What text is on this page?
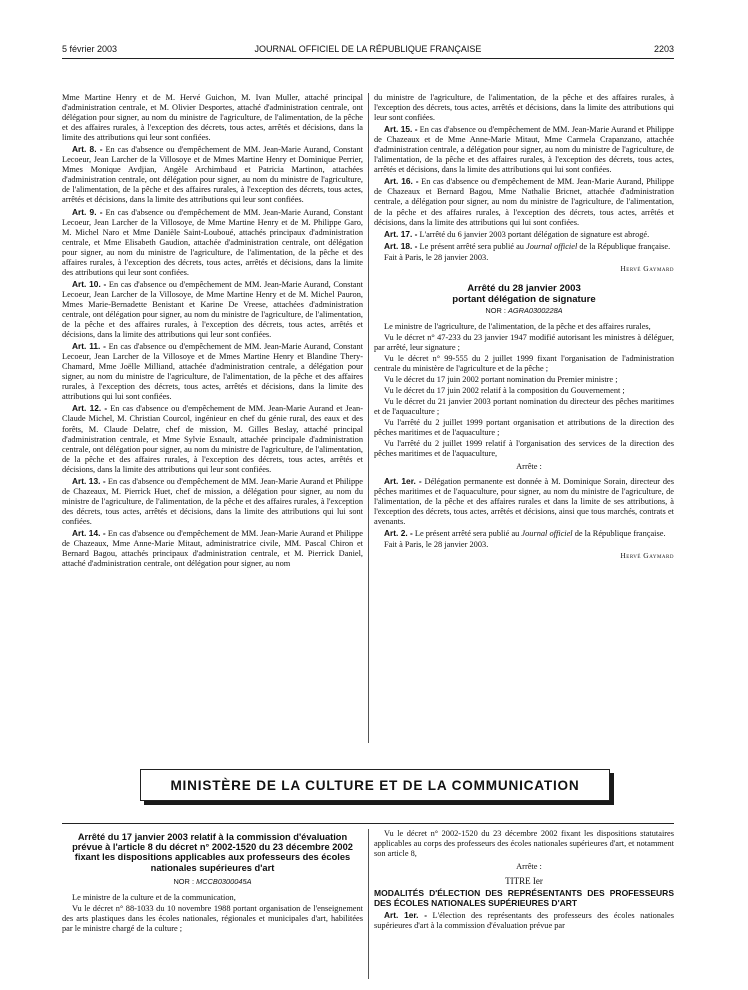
5 février 2003	JOURNAL OFFICIEL DE LA RÉPUBLIQUE FRANÇAISE	2203

Mme Martine Henry et de M. Hervé Guichon, M. Ivan Muller, attaché principal d'administration centrale, et M. Olivier Desportes, attaché d'administration centrale, ont délégation pour signer, au nom du ministre de l'agriculture, de l'alimentation, de la pêche et des affaires rurales, à l'exception des décrets, tous actes, arrêtés et décisions, dans la limite des attributions qui leur sont confiées.

Art. 8. - En cas d'absence ou d'empêchement de MM. Jean-Marie Aurand, Constant Lecoeur, Jean Larcher de la Villosoye et de Mmes Martine Henry et Dominique Perrier, Mmes Monique Avdjian, Angèle Archimbaud et Patricia Martinon, attachées d'administration centrale, ont délégation pour signer, au nom du ministre de l'agriculture, de l'alimentation, de la pêche et des affaires rurales, à l'exception des décrets, tous actes, arrêtés et décisions, dans la limite des attributions qui leur sont confiées.

Art. 9. - En cas d'absence ou d'empêchement de MM. Jean-Marie Aurand, Constant Lecoeur, Jean Larcher de la Villosoye, de Mme Martine Henry et de M. Philippe Garo, M. Michel Naro et Mme Danièle Saint-Louboué, attachés principaux d'administration centrale, et Mme Elisabeth Gaudion, attachée d'administration centrale, ont délégation pour signer, au nom du ministre de l'agriculture, de l'alimentation, de la pêche et des affaires rurales, à l'exception des décrets, tous actes, arrêtés et décisions, dans la limite des attributions qui leur sont confiées.

Art. 10. - En cas d'absence ou d'empêchement de MM. Jean-Marie Aurand, Constant Lecoeur, Jean Larcher de la Villosoye, de Mme Martine Henry et de M. Michel Pauron, Mmes Marie-Bernadette Benistant et Karine De Vreese, attachées d'administration centrale, ont délégation pour signer, au nom du ministre de l'agriculture, de l'alimentation, de la pêche et des affaires rurales, à l'exception des décrets, tous actes, arrêtés et décisions, dans la limite des attributions qui leur sont confiées.

Art. 11. - En cas d'absence ou d'empêchement de MM. Jean-Marie Aurand, Constant Lecoeur, Jean Larcher de la Villosoye et de Mmes Martine Henry et Blandine Thery-Chamard, Mme Joëlle Milliand, attachée d'administration centrale, a délégation pour signer, au nom du ministre de l'agriculture, de l'alimentation, de la pêche et des affaires rurales, à l'exception des décrets, tous actes, arrêtés et décisions, dans la limite des attributions qui lui sont confiées.

Art. 12. - En cas d'absence ou d'empêchement de MM. Jean-Marie Aurand et Jean-Claude Michel, M. Christian Courcol, ingénieur en chef du génie rural, des eaux et des forêts, M. Claude Delatre, chef de mission, M. Gilles Beslay, attaché principal d'administration centrale, et Mme Sylvie Esnault, attachée principale d'administration centrale, ont délégation pour signer, au nom du ministre de l'agriculture, de l'alimentation, de la pêche et des affaires rurales, à l'exception des décrets, tous actes, arrêtés et décisions, dans la limite des attributions qui leur sont confiées.

Art. 13. - En cas d'absence ou d'empêchement de MM. Jean-Marie Aurand et Philippe de Chazeaux, M. Pierrick Huet, chef de mission, a délégation pour signer, au nom du ministre de l'agriculture, de l'alimentation, de la pêche et des affaires rurales, à l'exception des décrets, tous actes, arrêtés et décisions, dans la limite des attributions qui lui sont confiées.

Art. 14. - En cas d'absence ou d'empêchement de MM. Jean-Marie Aurand et Philippe de Chazeaux, Mme Anne-Marie Mitaut, administratrice civile, MM. Pascal Chiron et Bernard Bagou, attachés principaux d'administration centrale, et M. Pierrick Daniel, attaché d'administration centrale, ont délégation pour signer, au nom

du ministre de l'agriculture, de l'alimentation, de la pêche et des affaires rurales, à l'exception des décrets, tous actes, arrêtés et décisions, dans la limite des attributions qui leur sont confiées.

Art. 15. - En cas d'absence ou d'empêchement de MM. Jean-Marie Aurand et Philippe de Chazeaux et de Mme Anne-Marie Mitaut, Mme Carmela Crapanzano, attachée d'administration centrale, a délégation pour signer, au nom du ministre de l'agriculture, de l'alimentation, de la pêche et des affaires rurales, à l'exception des décrets, tous actes, arrêtés et décisions, dans la limite des attributions qui lui sont confiées.

Art. 16. - En cas d'absence ou d'empêchement de MM. Jean-Marie Aurand, Philippe de Chazeaux et Bernard Bagou, Mme Nathalie Bricnet, attachée d'administration centrale, a délégation pour signer, au nom du ministre de l'agriculture, de l'alimentation, de la pêche et des affaires rurales, à l'exception des décrets, tous actes, arrêtés et décisions, dans la limite des attributions qui lui sont confiées.

Art. 17. - L'arrêté du 6 janvier 2003 portant délégation de signature est abrogé.

Art. 18. - Le présent arrêté sera publié au Journal officiel de la République française.

Fait à Paris, le 28 janvier 2003.

Hervé Gaymard

Arrêté du 28 janvier 2003
portant délégation de signature
NOR : AGRA0300228A

Le ministre de l'agriculture, de l'alimentation, de la pêche et des affaires rurales,

Vu le décret n° 47-233 du 23 janvier 1947 modifié autorisant les ministres à déléguer, par arrêté, leur signature ;

Vu le décret n° 99-555 du 2 juillet 1999 fixant l'organisation de l'administration centrale du ministère de l'agriculture et de la pêche ;

Vu le décret du 17 juin 2002 portant nomination du Premier ministre ;

Vu le décret du 17 juin 2002 relatif à la composition du Gouvernement ;

Vu le décret du 21 janvier 2003 portant nomination du directeur des pêches maritimes et de l'aquaculture ;

Vu l'arrêté du 2 juillet 1999 portant organisation et attributions de la direction des pêches maritimes et de l'aquaculture ;

Vu l'arrêté du 2 juillet 1999 relatif à l'organisation des services de la direction des pêches maritimes et de l'aquaculture,

Arrête :

Art. 1er. - Délégation permanente est donnée à M. Dominique Sorain, directeur des pêches maritimes et de l'aquaculture, pour signer, au nom du ministre de l'agriculture, de l'alimentation, de la pêche et des affaires rurales et dans la limite de ses attributions, à l'exception des décrets, tous actes, arrêtés et décisions, ainsi que tous marchés, contrats et avenants.

Art. 2. - Le présent arrêté sera publié au Journal officiel de la République française.

Fait à Paris, le 28 janvier 2003.

Hervé Gaymard

MINISTÈRE DE LA CULTURE ET DE LA COMMUNICATION
Arrêté du 17 janvier 2003 relatif à la commission d'évaluation prévue à l'article 8 du décret n° 2002-1520 du 23 décembre 2002 fixant les dispositions applicables aux professeurs des écoles nationales supérieures d'art
NOR : MCCB0300045A

Le ministre de la culture et de la communication,

Vu le décret n° 88-1033 du 10 novembre 1988 portant organisation de l'enseignement des arts plastiques dans les écoles nationales, régionales et municipales d'art, habilitées par le ministre chargé de la culture ;

Vu le décret n° 2002-1520 du 23 décembre 2002 fixant les dispositions statutaires applicables au corps des professeurs des écoles nationales supérieures d'art, et notamment son article 8,

Arrête :

TITRE Ier
MODALITÉS D'ÉLECTION DES REPRÉSENTANTS DES PROFESSEURS DES ÉCOLES NATIONALES SUPÉRIEURES D'ART

Art. 1er. - L'élection des représentants des professeurs des écoles nationales supérieures d'art à la commission d'évaluation prévue par
